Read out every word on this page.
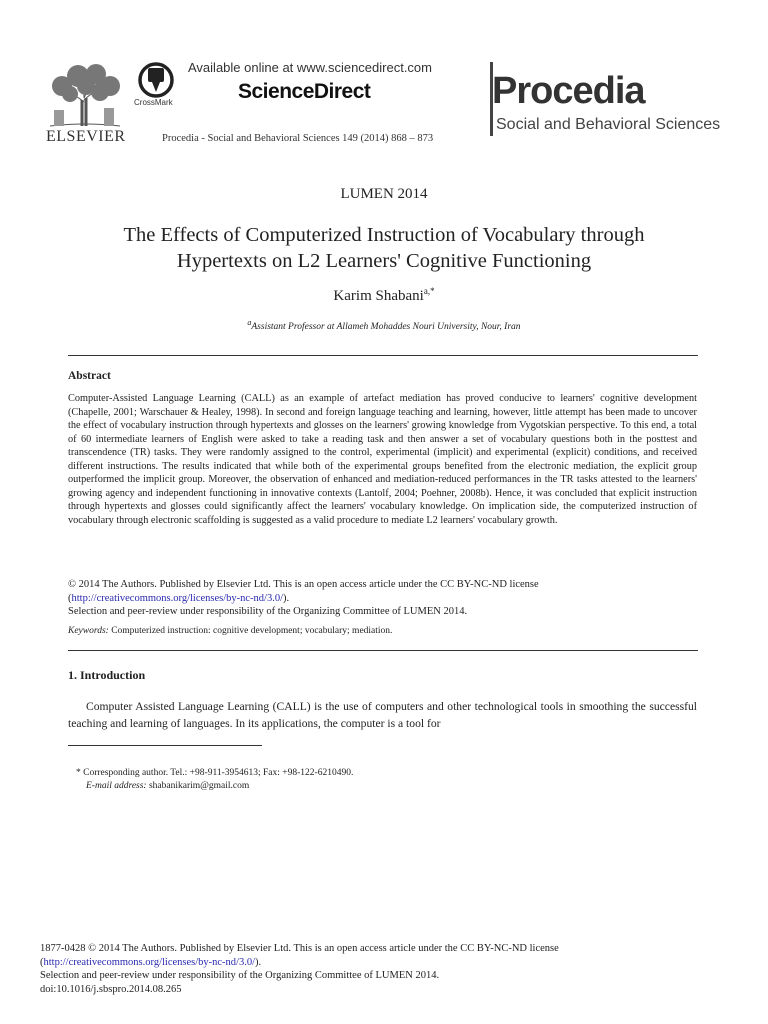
ELSEVIER
CrossMark
Available online at www.sciencedirect.com
ScienceDirect
Procedia - Social and Behavioral Sciences 149 (2014) 868 – 873
Procedia
Social and Behavioral Sciences
LUMEN 2014
The Effects of Computerized Instruction of Vocabulary through
Hypertexts on L2 Learners' Cognitive Functioning
Karim Shabani$^{a,*}$
$^a$Assistant Professor at Allameh Mohaddes Nouri University, Nour, Iran
Abstract
Computer-Assisted Language Learning (CALL) as an example of artefact mediation has proved conducive to learners' cognitive development (Chapelle, 2001; Warschauer & Healey, 1998). In second and foreign language teaching and learning, however, little attempt has been made to uncover the effect of vocabulary instruction through hypertexts and glosses on the learners' growing knowledge from Vygotskian perspective. To this end, a total of 60 intermediate learners of English were asked to take a reading task and then answer a set of vocabulary questions both in the posttest and transcendence (TR) tasks. They were randomly assigned to the control, experimental (implicit) and experimental (explicit) conditions, and received different instructions. The results indicated that while both of the experimental groups benefited from the electronic mediation, the explicit group outperformed the implicit group. Moreover, the observation of enhanced and mediation-reduced performances in the TR tasks attested to the learners' growing agency and independent functioning in innovative contexts (Lantolf, 2004; Poehner, 2008b). Hence, it was concluded that explicit instruction through hypertexts and glosses could significantly affect the learners' vocabulary knowledge. On implication side, the computerized instruction of vocabulary through electronic scaffolding is suggested as a valid procedure to mediate L2 learners' vocabulary growth.
© 2014 The Authors. Published by Elsevier Ltd. This is an open access article under the CC BY-NC-ND license
(http://creativecommons.org/licenses/by-nc-nd/3.0/).
Selection and peer-review under responsibility of the Organizing Committee of LUMEN 2014.
Keywords: Computerized instruction: cognitive development; vocabulary; mediation.
1. Introduction
Computer Assisted Language Learning (CALL) is the use of computers and other technological tools in smoothing the successful teaching and learning of languages. In its applications, the computer is a tool for
* Corresponding author. Tel.: +98-911-3954613; Fax: +98-122-6210490.
E-mail address: shabanikarim@gmail.com
1877-0428 © 2014 The Authors. Published by Elsevier Ltd. This is an open access article under the CC BY-NC-ND license
(http://creativecommons.org/licenses/by-nc-nd/3.0/).
Selection and peer-review under responsibility of the Organizing Committee of LUMEN 2014.
doi:10.1016/j.sbspro.2014.08.265
